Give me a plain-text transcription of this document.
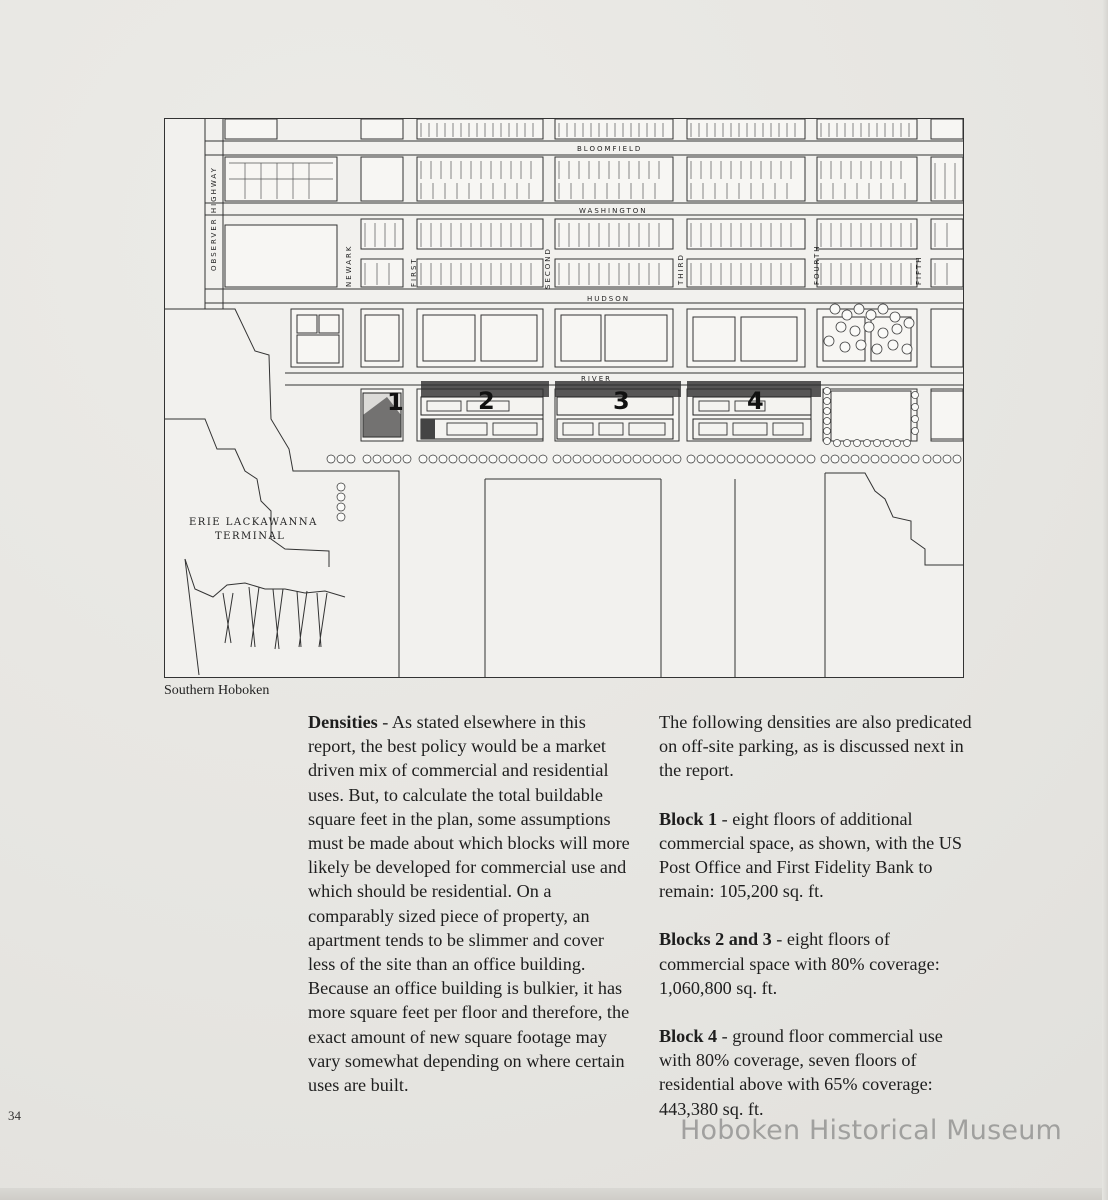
1	2	3	4
BLOOMFIELD
WASHINGTON
HUDSON
RIVER
OBSERVER HIGHWAY	NEWARK	FIRST	SECOND	THIRD	FOURTH	FIFTH
ERIE LACKAWANNA
TERMINAL
Southern Hoboken

Densities - As stated elsewhere in this report, the best policy would be a market driven mix of commercial and residential uses. But, to calculate the total buildable square feet in the plan, some assumptions must be made about which blocks will more likely be developed for commercial use and which should be residential. On a comparably sized piece of property, an apartment tends to be slimmer and cover less of the site than an office building. Because an office building is bulkier, it has more square feet per floor and therefore, the exact amount of new square footage may vary somewhat depending on where certain uses are built.

The following densities are also predicated on off-site parking, as is discussed next in the report.

Block 1 - eight floors of additional commercial space, as shown, with the US Post Office and First Fidelity Bank to remain: 105,200 sq. ft.

Blocks 2 and 3 - eight floors of commercial space with 80% coverage: 1,060,800 sq. ft.

Block 4 - ground floor commercial use with 80% coverage, seven floors of residential above with 65% coverage: 443,380 sq. ft.

34	Hoboken Historical Museum
